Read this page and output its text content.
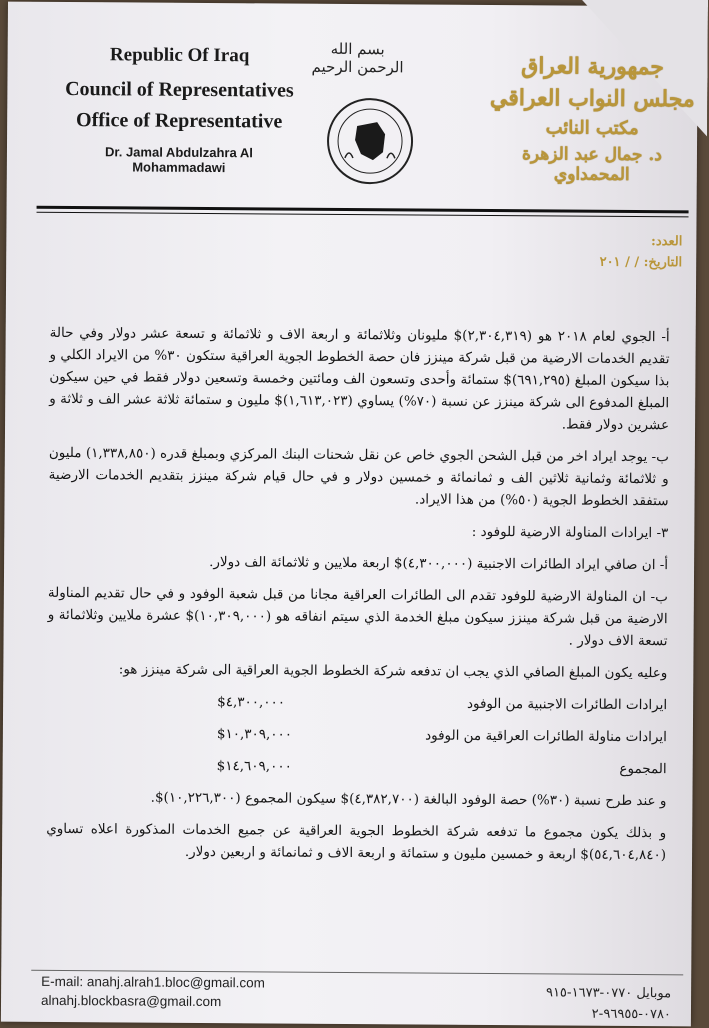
Republic Of Iraq
Council of Representatives
Office of Representative
Dr. Jamal Abdulzahra Al Mohammadawi
بسم الله الرحمن الرحيم	جمهورية العراق
مجلس النواب العراقي
مكتب النائب
د. جمال عبد الزهرة المحمداوي
العدد:
التاريخ: / / ٢٠١

أ- الجوي لعام ٢٠١٨ هو (٢,٣٠٤,٣١٩)$ مليونان وثلاثمائة و اربعة الاف و ثلاثمائة و تسعة عشر دولار وفي حالة تقديم الخدمات الارضية من قبل شركة مينزز فان حصة الخطوط الجوية العراقية ستكون ٣٠% من الايراد الكلي و بذا سيكون المبلغ (٦٩١,٢٩٥)$ ستمائة وأحدى وتسعون الف ومائتين وخمسة وتسعين دولار فقط في حين سيكون المبلغ المدفوع الى شركة مينزز عن نسبة (٧٠%) يساوي (١,٦١٣,٠٢٣)$ مليون و ستمائة ثلاثة عشر الف و ثلاثة و عشرين دولار فقط.

ب- يوجد ايراد اخر من قبل الشحن الجوي خاص عن نقل شحنات البنك المركزي وبمبلغ قدره (١,٣٣٨,٨٥٠) مليون و ثلاثمائة وثمانية ثلاثين الف و ثمانمائة و خمسين دولار و في حال قيام شركة مينزز بتقديم الخدمات الارضية ستفقد الخطوط الجوية (٥٠%) من هذا الايراد.

٣- ايرادات المناولة الارضية للوفود :

أ- ان صافي ايراد الطائرات الاجنبية (٤,٣٠٠,٠٠٠)$ اربعة ملايين و ثلاثمائة الف دولار.

ب- ان المناولة الارضية للوفود تقدم الى الطائرات العراقية مجانا من قبل شعبة الوفود و في حال تقديم المناولة الارضية من قبل شركة مينزز سيكون مبلغ الخدمة الذي سيتم انفاقه هو (١٠,٣٠٩,٠٠٠)$ عشرة ملايين وثلاثمائة و تسعة الاف دولار .

وعليه يكون المبلغ الصافي الذي يجب ان تدفعه شركة الخطوط الجوية العراقية الى شركة مينزز هو:

ايرادات الطائرات الاجنبية من الوفود
$٤,٣٠٠,٠٠٠
ايرادات مناولة الطائرات العراقية من الوفود
$١٠,٣٠٩,٠٠٠
المجموع
$١٤,٦٠٩,٠٠٠

و عند طرح نسبة (٣٠%) حصة الوفود البالغة (٤,٣٨٢,٧٠٠)$ سيكون المجموع (١٠,٢٢٦,٣٠٠)$.

و بذلك يكون مجموع ما تدفعه شركة الخطوط الجوية العراقية عن جميع الخدمات المذكورة اعلاه تساوي (٥٤,٦٠٤,٨٤٠)$ اربعة و خمسين مليون و ستمائة و اربعة الاف و ثمانمائة و اربعين دولار.

E-mail: anahj.alrah1.bloc@gmail.com
alnahj.blockbasra@gmail.com	موبايل ٠٧٧٠-١٦٧٣-٩١٥
٠٧٨٠-٩٦٩٥٥-٢
